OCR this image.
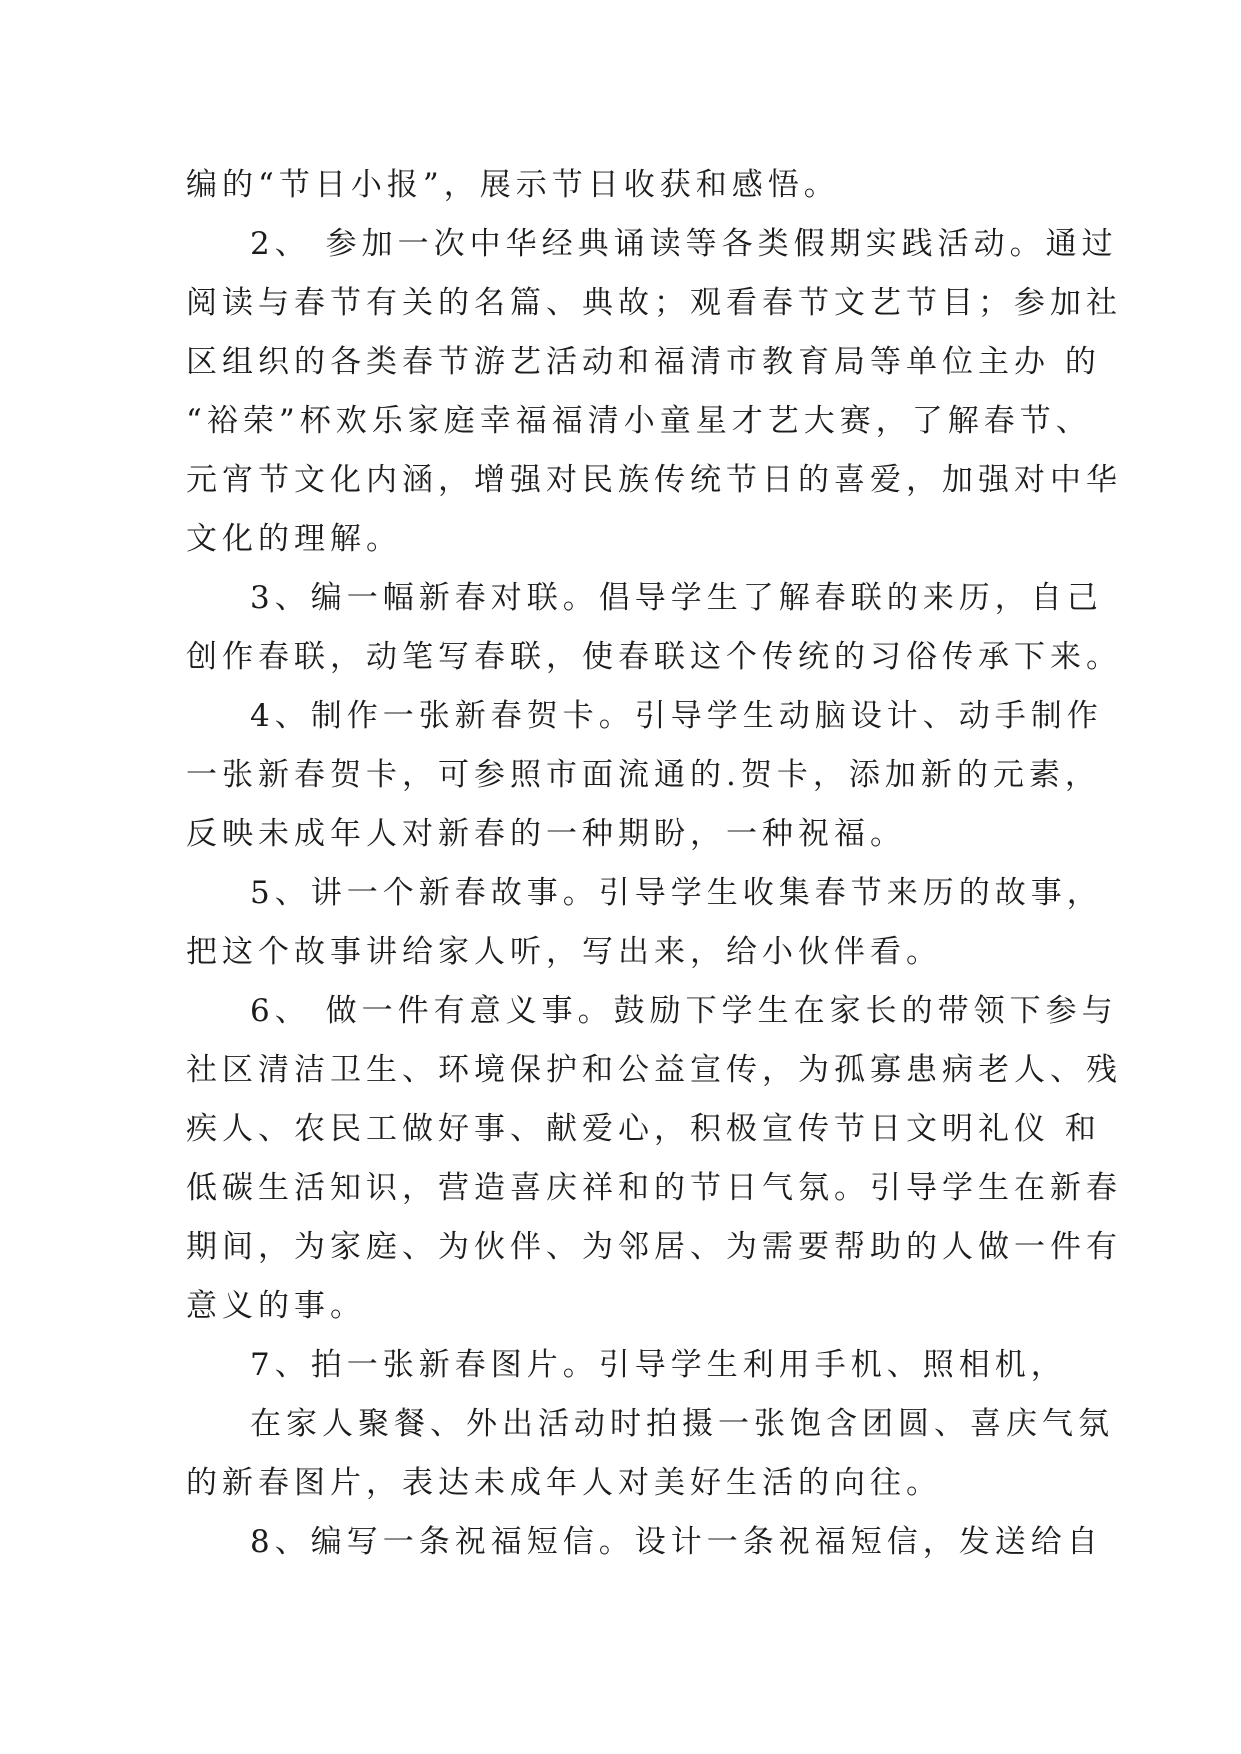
编的“节日小报”，展示节日收获和感悟。
2、 参加一次中华经典诵读等各类假期实践活动。通过
阅读与春节有关的名篇、典故；观看春节文艺节目；参加社
区组织的各类春节游艺活动和福清市教育局等单位主办 的
“裕荣”杯欢乐家庭幸福福清小童星才艺大赛，了解春节、
元宵节文化内涵，增强对民族传统节日的喜爱，加强对中华
文化的理解。
3、编一幅新春对联。倡导学生了解春联的来历，自己
创作春联，动笔写春联，使春联这个传统的习俗传承下来。
4、制作一张新春贺卡。引导学生动脑设计、动手制作
一张新春贺卡，可参照市面流通的.贺卡，添加新的元素，
反映未成年人对新春的一种期盼，一种祝福。
5、讲一个新春故事。引导学生收集春节来历的故事，
把这个故事讲给家人听，写出来，给小伙伴看。
6、 做一件有意义事。鼓励下学生在家长的带领下参与
社区清洁卫生、环境保护和公益宣传，为孤寡患病老人、残
疾人、农民工做好事、献爱心，积极宣传节日文明礼仪 和
低碳生活知识，营造喜庆祥和的节日气氛。引导学生在新春
期间，为家庭、为伙伴、为邻居、为需要帮助的人做一件有
意义的事。
7、拍一张新春图片。引导学生利用手机、照相机，
在家人聚餐、外出活动时拍摄一张饱含团圆、喜庆气氛
的新春图片，表达未成年人对美好生活的向往。
8、编写一条祝福短信。设计一条祝福短信，发送给自
